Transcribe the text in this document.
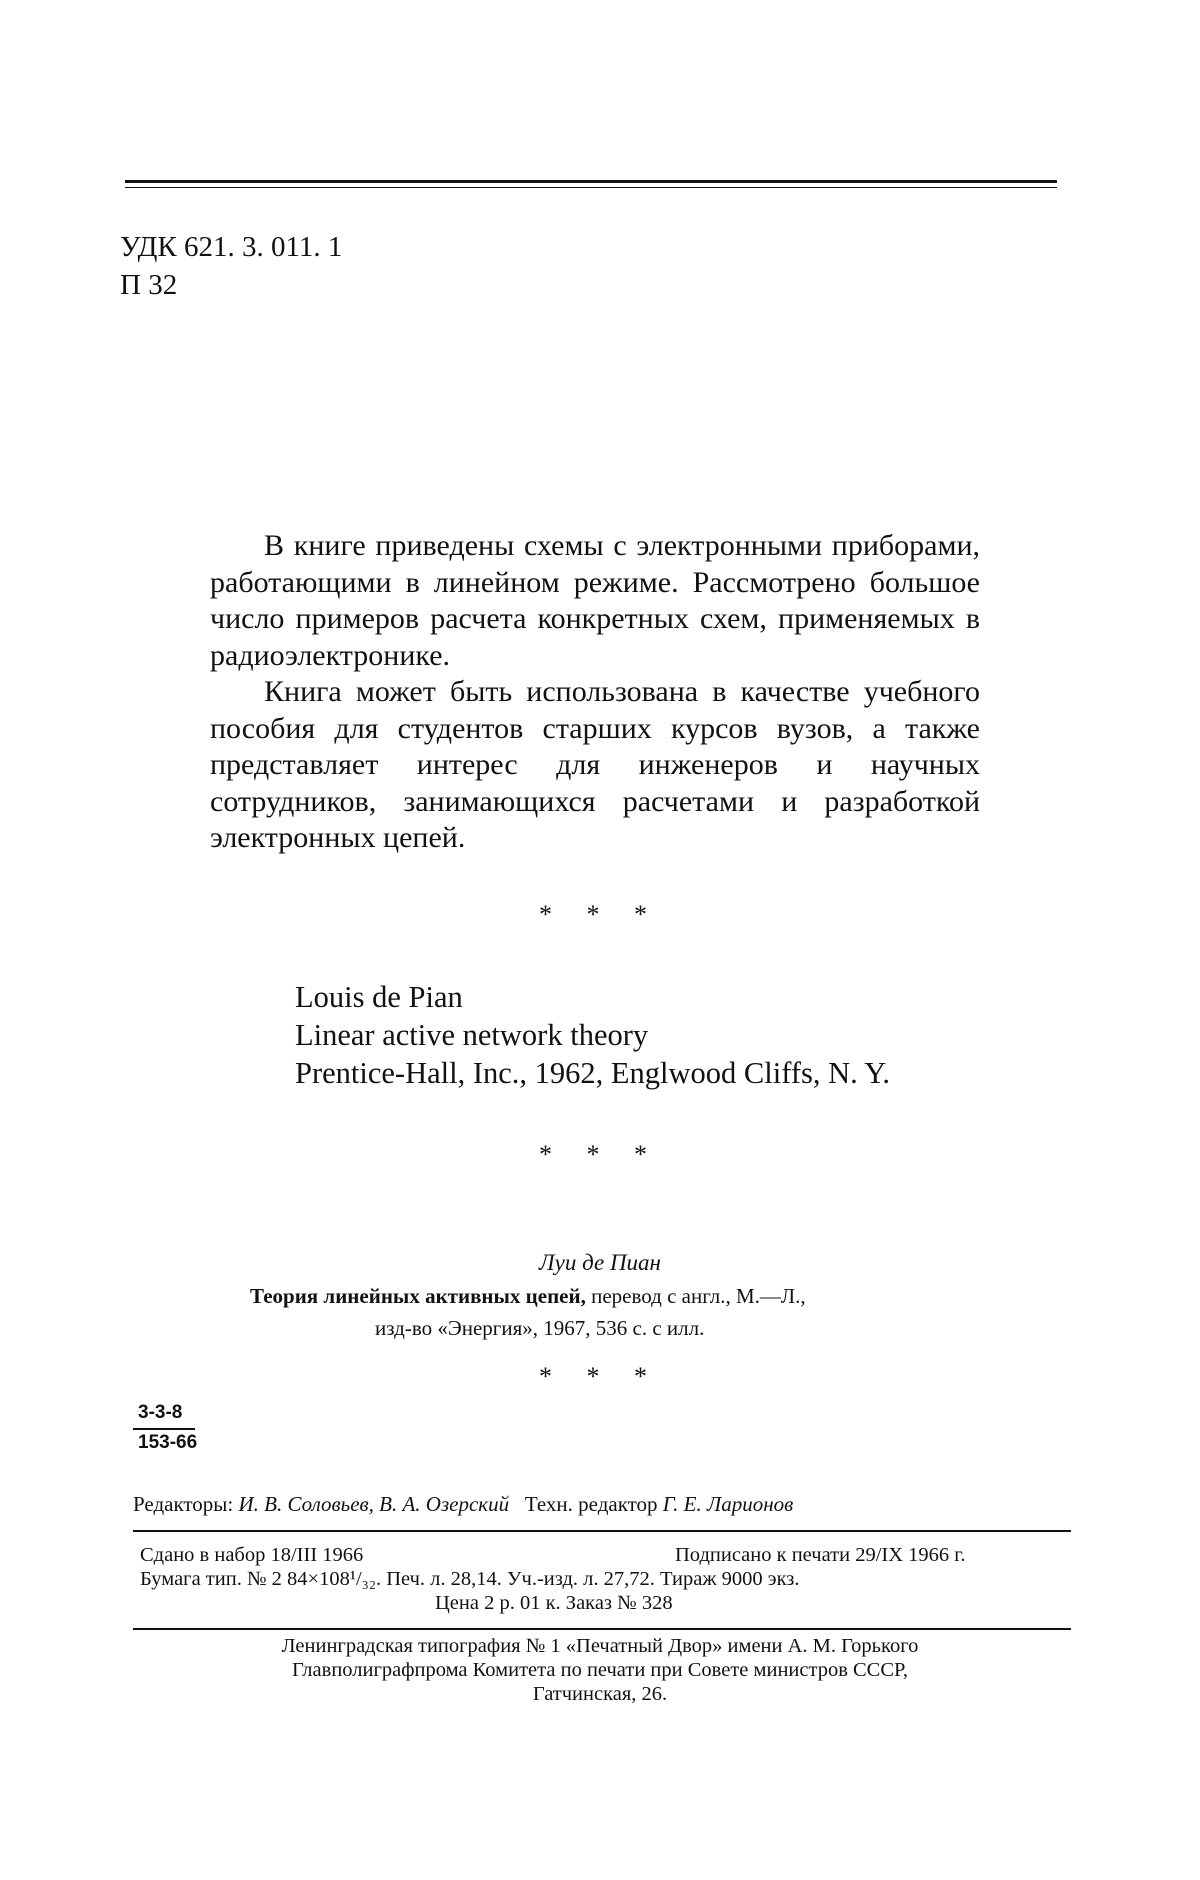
УДК 621. 3. 011. 1
П 32

В книге приведены схемы с электронными приборами, работающими в линейном режиме. Рассмотрено большое число примеров расчета конкретных схем, применяемых в радиоэлектронике.

Книга может быть использована в качестве учебного пособия для студентов старших курсов вузов, а также представляет интерес для инженеров и научных сотрудников, занимающихся расчетами и разработкой электронных цепей.

* * *
Louis de Pian
Linear active network theory
Prentice-Hall, Inc., 1962, Englwood Cliffs, N. Y.
* * *
Луи де Пиан
Теория линейных активных цепей, перевод с англ., М.—Л.,
изд-во «Энергия», 1967, 536 с. с илл.
* * *
3-3-8
153-66
Редакторы: И. В. Соловьев, В. А. Озерский   Техн. редактор Г. Е. Ларионов
Сдано в набор 18/III 1966	Подписано к печати 29/IX 1966 г.
Бумага тип. № 2 84×108¹/₃₂. Печ. л. 28,14. Уч.-изд. л. 27,72. Тираж 9000 экз.
Цена 2 р. 01 к. Заказ № 328
Ленинградская типография № 1 «Печатный Двор» имени А. М. Горького
Главполиграфпрома Комитета по печати при Совете министров СССР,
Гатчинская, 26.
